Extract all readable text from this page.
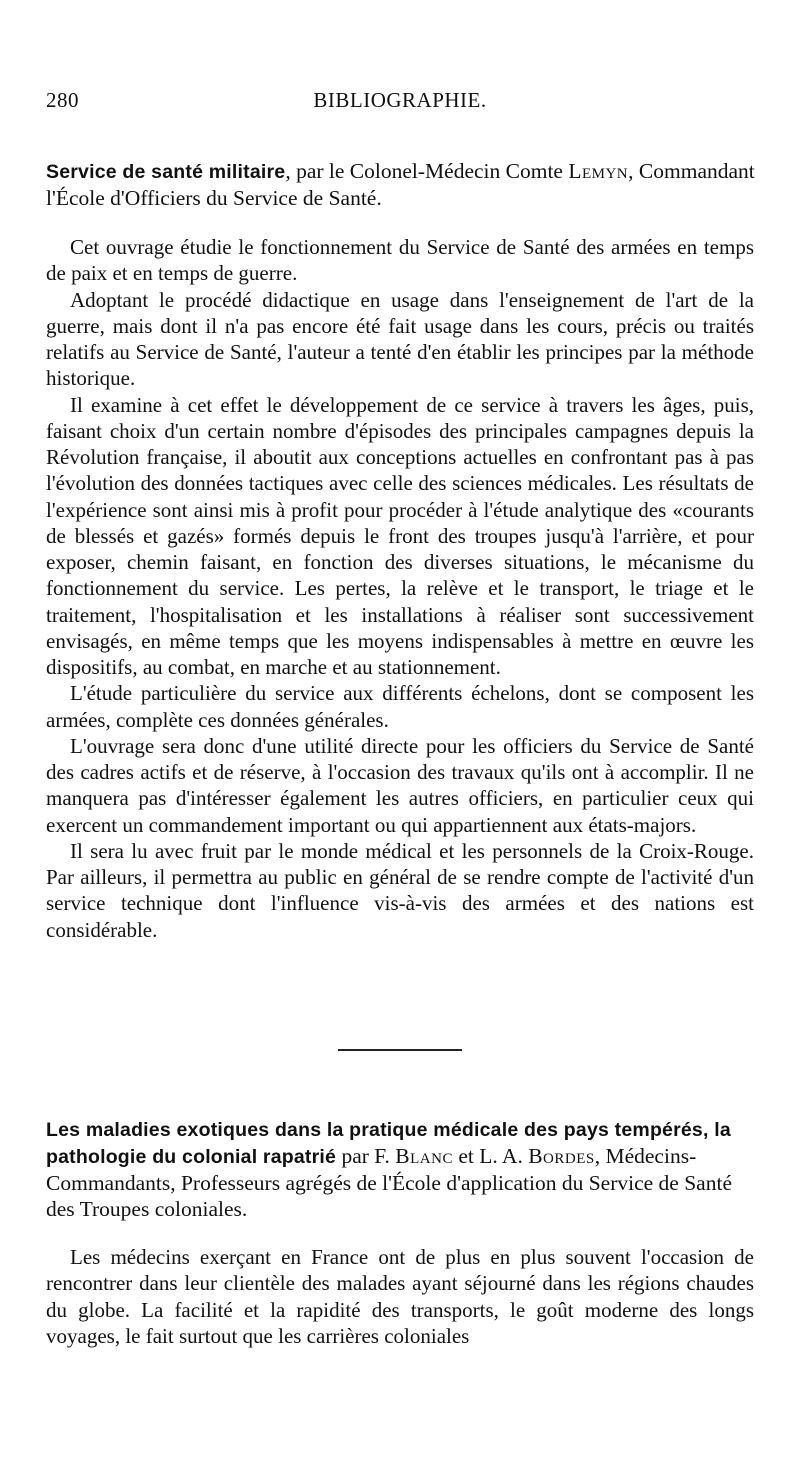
280	BIBLIOGRAPHIE.

Service de santé militaire, par le Colonel-Médecin Comte Lemyn, Commandant l'École d'Officiers du Service de Santé.

Cet ouvrage étudie le fonctionnement du Service de Santé des armées en temps de paix et en temps de guerre.

Adoptant le procédé didactique en usage dans l'enseignement de l'art de la guerre, mais dont il n'a pas encore été fait usage dans les cours, précis ou traités relatifs au Service de Santé, l'auteur a tenté d'en établir les principes par la méthode historique.

Il examine à cet effet le développement de ce service à travers les âges, puis, faisant choix d'un certain nombre d'épisodes des principales campagnes depuis la Révolution française, il aboutit aux conceptions actuelles en confrontant pas à pas l'évolution des données tactiques avec celle des sciences médicales. Les résultats de l'expérience sont ainsi mis à profit pour procéder à l'étude analytique des «courants de blessés et gazés» formés depuis le front des troupes jusqu'à l'arrière, et pour exposer, chemin faisant, en fonction des diverses situations, le mécanisme du fonctionnement du service. Les pertes, la relève et le transport, le triage et le traitement, l'hospitalisation et les installations à réaliser sont successivement envisagés, en même temps que les moyens indispensables à mettre en œuvre les dispositifs, au combat, en marche et au stationnement.

L'étude particulière du service aux différents échelons, dont se composent les armées, complète ces données générales.

L'ouvrage sera donc d'une utilité directe pour les officiers du Service de Santé des cadres actifs et de réserve, à l'occasion des travaux qu'ils ont à accomplir. Il ne manquera pas d'intéresser également les autres officiers, en particulier ceux qui exercent un commandement important ou qui appartiennent aux états-majors.

Il sera lu avec fruit par le monde médical et les personnels de la Croix-Rouge. Par ailleurs, il permettra au public en général de se rendre compte de l'activité d'un service technique dont l'influence vis-à-vis des armées et des nations est considérable.

Les maladies exotiques dans la pratique médicale des pays tempérés, la pathologie du colonial rapatrié par F. Blanc et L. A. Bordes, Médecins-Commandants, Professeurs agrégés de l'École d'application du Service de Santé des Troupes coloniales.

Les médecins exerçant en France ont de plus en plus souvent l'occasion de rencontrer dans leur clientèle des malades ayant séjourné dans les régions chaudes du globe. La facilité et la rapidité des transports, le goût moderne des longs voyages, le fait surtout que les carrières coloniales
